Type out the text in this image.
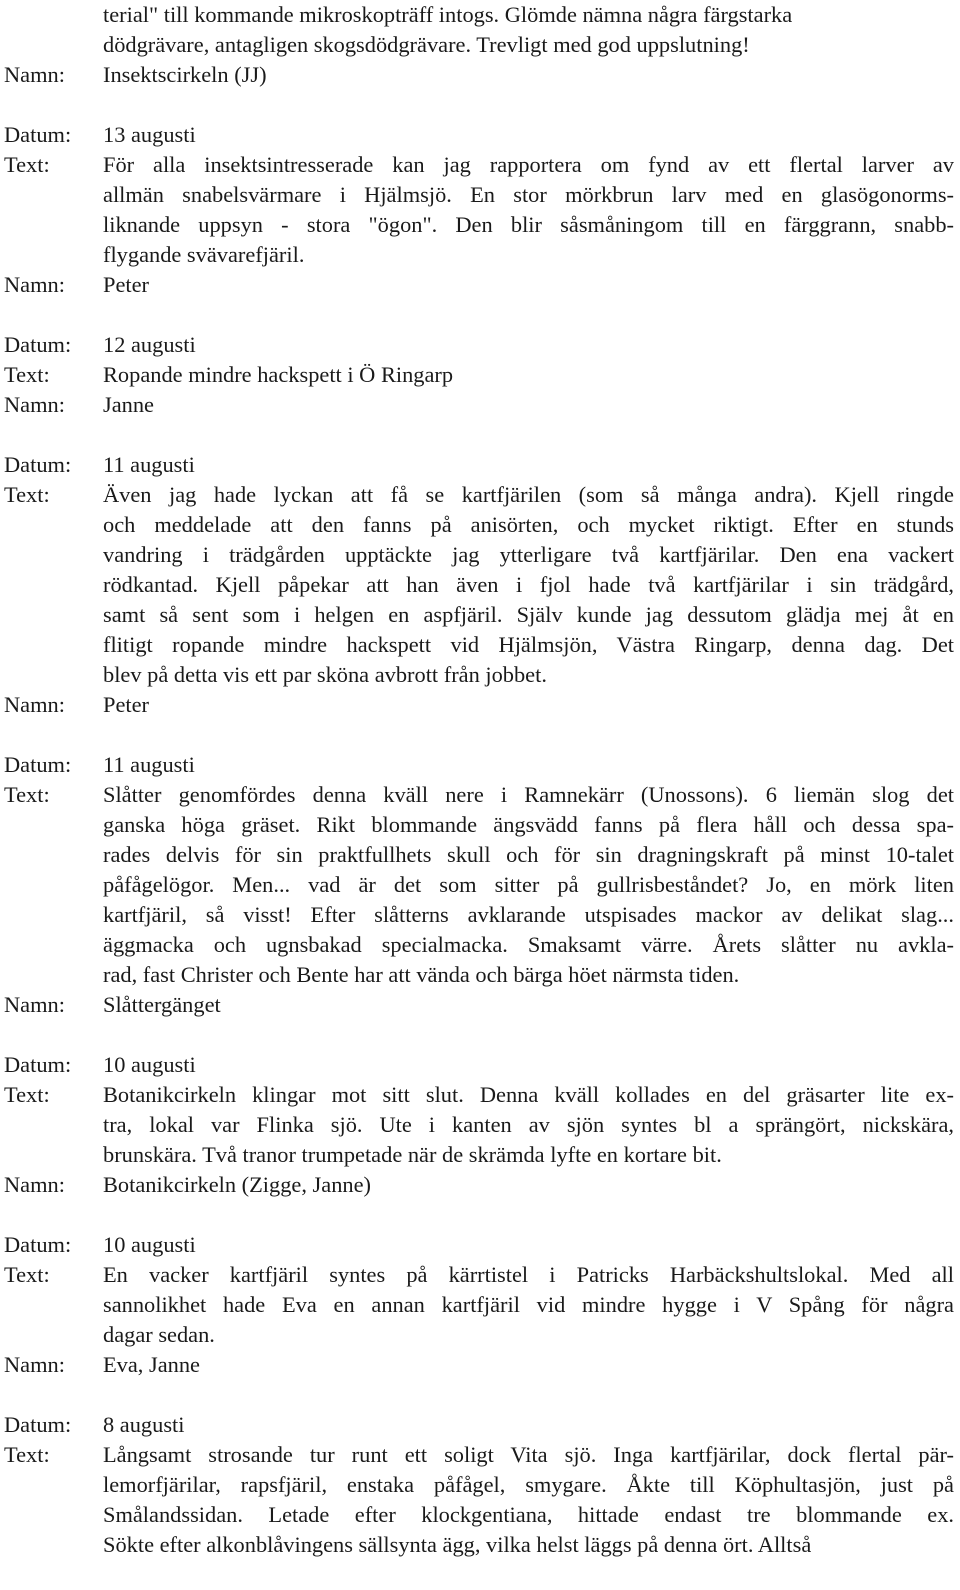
terial" till kommande mikroskopträff intogs. Glömde nämna några färgstarka
dödgrävare, antagligen skogsdödgrävare. Trevligt med god uppslutning!
Namn:	Insektscirkeln (JJ)
Datum:	13 augusti
Text:	För alla insektsintresserade kan jag rapportera om fynd av ett flertal larver av
allmän snabelsvärmare i Hjälmsjö. En stor mörkbrun larv med en glasögonorms-
liknande uppsyn - stora "ögon". Den blir såsmåningom till en färggrann, snabb-
flygande svävarefjäril.
Namn:	Peter
Datum:	12 augusti
Text:	Ropande mindre hackspett i Ö Ringarp
Namn:	Janne
Datum:	11 augusti
Text:	Även jag hade lyckan att få se kartfjärilen (som så många andra). Kjell ringde
och meddelade att den fanns på anisörten, och mycket riktigt. Efter en stunds
vandring i trädgården upptäckte jag ytterligare två kartfjärilar. Den ena vackert
rödkantad. Kjell påpekar att han även i fjol hade två kartfjärilar i sin trädgård,
samt så sent som i helgen en aspfjäril. Själv kunde jag dessutom glädja mej åt en
flitigt ropande mindre hackspett vid Hjälmsjön, Västra Ringarp, denna dag. Det
blev på detta vis ett par sköna avbrott från jobbet.
Namn:	Peter
Datum:	11 augusti
Text:	Slåtter genomfördes denna kväll nere i Ramnekärr (Unossons). 6 liemän slog det
ganska höga gräset. Rikt blommande ängsvädd fanns på flera håll och dessa spa-
rades delvis för sin praktfullhets skull och för sin dragningskraft på minst 10-talet
påfågelögor. Men... vad är det som sitter på gullrisbeståndet? Jo, en mörk liten
kartfjäril, så visst! Efter slåtterns avklarande utspisades mackor av delikat slag...
äggmacka och ugnsbakad specialmacka. Smaksamt värre. Årets slåtter nu avkla-
rad, fast Christer och Bente har att vända och bärga höet närmsta tiden.
Namn:	Slåttergänget
Datum:	10 augusti
Text:	Botanikcirkeln klingar mot sitt slut. Denna kväll kollades en del gräsarter lite ex-
tra, lokal var Flinka sjö. Ute i kanten av sjön syntes bl a sprängört, nickskära,
brunskära. Två tranor trumpetade när de skrämda lyfte en kortare bit.
Namn:	Botanikcirkeln (Zigge, Janne)
Datum:	10 augusti
Text:	En vacker kartfjäril syntes på kärrtistel i Patricks Harbäckshultslokal. Med all
sannolikhet hade Eva en annan kartfjäril vid mindre hygge i V Spång för några
dagar sedan.
Namn:	Eva, Janne
Datum:	8 augusti
Text:	Långsamt strosande tur runt ett soligt Vita sjö. Inga kartfjärilar, dock flertal pär-
lemorfjärilar, rapsfjäril, enstaka påfågel, smygare. Åkte till Köphultasjön, just på
Smålandssidan. Letade efter klockgentiana, hittade endast tre blommande ex.
Sökte efter alkonblåvingens sällsynta ägg, vilka helst läggs på denna ört. Alltså
